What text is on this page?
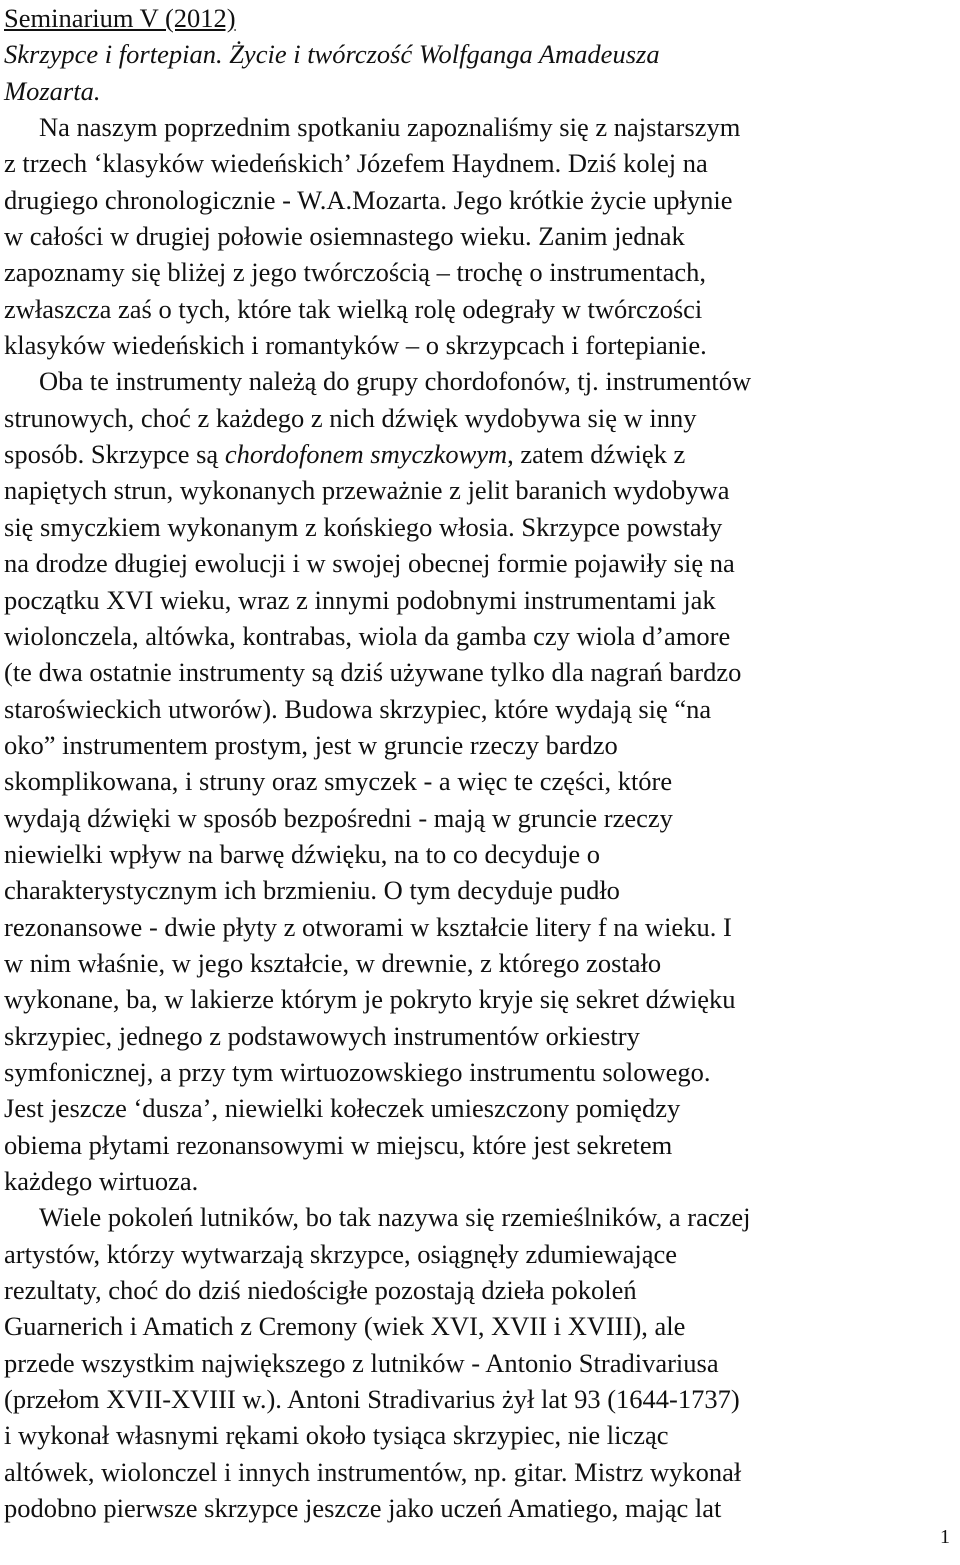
Seminarium V (2012)

Skrzypce i fortepian. Życie i twórczość Wolfganga Amadeusza

Mozarta.

Na naszym poprzednim spotkaniu zapoznaliśmy się z najstarszym

z trzech ‘klasyków wiedeńskich’ Józefem Haydnem. Dziś kolej na

drugiego chronologicznie - W.A.Mozarta. Jego krótkie życie upłynie

w całości w drugiej połowie osiemnastego wieku. Zanim jednak

zapoznamy się bliżej z jego twórczością – trochę o instrumentach,

zwłaszcza zaś o tych, które tak wielką rolę odegrały w twórczości

klasyków wiedeńskich i romantyków – o skrzypcach i fortepianie.

Oba te instrumenty należą do grupy chordofonów, tj. instrumentów

strunowych, choć z każdego z nich dźwięk wydobywa się w inny

sposób. Skrzypce są chordofonem smyczkowym, zatem dźwięk z

napiętych strun, wykonanych przeważnie z jelit baranich wydobywa

się smyczkiem wykonanym z końskiego włosia. Skrzypce powstały

na drodze długiej ewolucji i w swojej obecnej formie pojawiły się na

początku XVI wieku, wraz z innymi podobnymi instrumentami jak

wiolonczela, altówka, kontrabas, wiola da gamba czy wiola d’amore

(te dwa ostatnie instrumenty są dziś używane tylko dla nagrań bardzo

staroświeckich utworów). Budowa skrzypiec, które wydają się “na

oko” instrumentem prostym, jest w gruncie rzeczy bardzo

skomplikowana, i struny oraz smyczek - a więc te części, które

wydają dźwięki w sposób bezpośredni - mają w gruncie rzeczy

niewielki wpływ na barwę dźwięku, na to co decyduje o

charakterystycznym ich brzmieniu. O tym decyduje pudło

rezonansowe - dwie płyty z otworami w kształcie litery f na wieku. I

w nim właśnie, w jego kształcie, w drewnie, z którego zostało

wykonane, ba, w lakierze którym je pokryto kryje się sekret dźwięku

skrzypiec, jednego z podstawowych instrumentów orkiestry

symfonicznej, a przy tym wirtuozowskiego instrumentu solowego.

Jest jeszcze ‘dusza’, niewielki kołeczek umieszczony pomiędzy

obiema płytami rezonansowymi w miejscu, które jest sekretem

każdego wirtuoza.

Wiele pokoleń lutników, bo tak nazywa się rzemieślników, a raczej

artystów, którzy wytwarzają skrzypce, osiągnęły zdumiewające

rezultaty, choć do dziś niedościgłe pozostają dzieła pokoleń

Guarnerich i Amatich z Cremony (wiek XVI, XVII i XVIII), ale

przede wszystkim największego z lutników - Antonio Stradivariusa

(przełom XVII-XVIII w.). Antoni Stradivarius żył lat 93 (1644-1737)

i wykonał własnymi rękami około tysiąca skrzypiec, nie licząc

altówek, wiolonczel i innych instrumentów, np. gitar. Mistrz wykonał

podobno pierwsze skrzypce jeszcze jako uczeń Amatiego, mając lat

1
